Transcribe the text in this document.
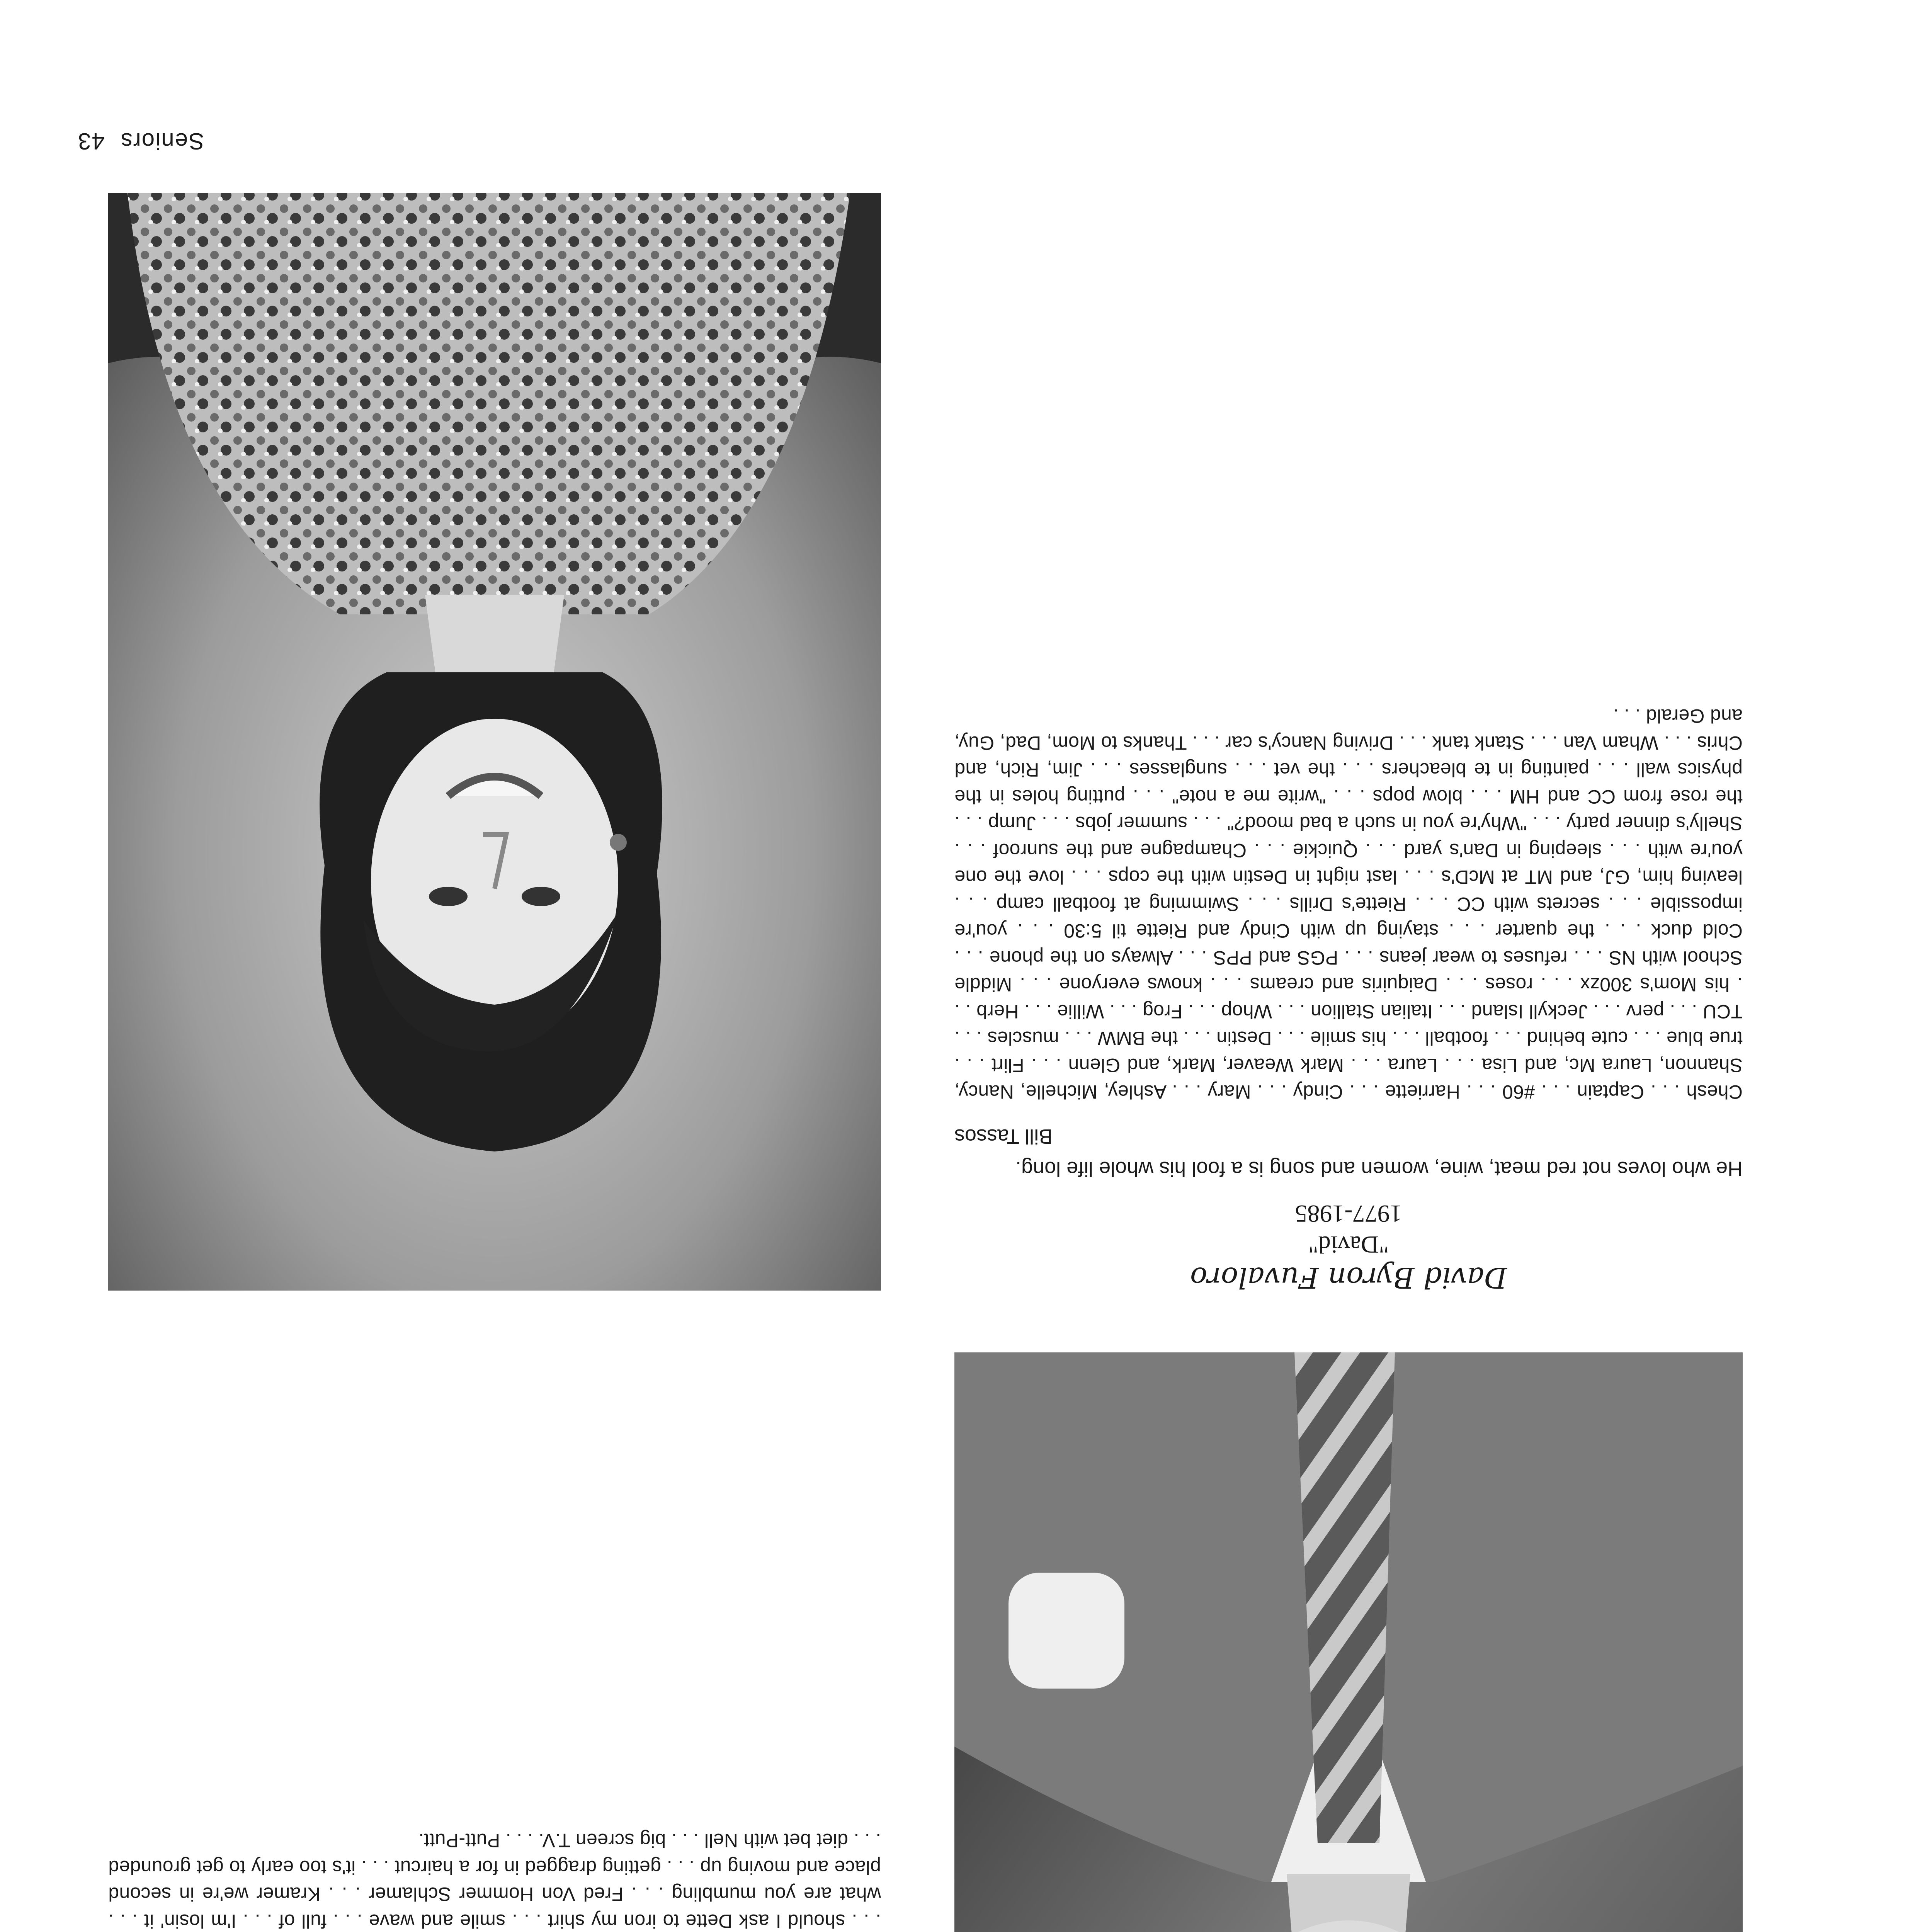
. . . should I ask Dette to iron my shirt . . . smile and wave . . . full of . . . I'm losin' it . . . what are you mumbling . . . Fred Von Hommer Schlamer . . . Kramer we're in second place and moving up . . . getting dragged in for a haircut . . . it's too early to get grounded . . . diet bet with Nell . . . big screen T.V. . . . Putt-Putt.

David Byron Fuvaloro

"David"

1977-1985

He who loves not red meat, wine, women and song is a fool his whole life long.

Bill Tassos

Chesh . . . Captain . . . #60 . . . Harriette . . . Cindy . . . Mary . . . Ashley, Michelle, Nancy, Shannon, Laura Mc, and Lisa . . . Laura . . . Mark Weaver, Mark, and Glenn . . . Flirt . . . true blue . . . cute behind . . . football . . . his smile . . . Destin . . . the BMW . . . muscles . . . TCU . . . perv . . . Jeckyll Island . . . Italian Stallion . . . Whop . . . Frog . . . Willie . . . Herb . . . his Mom's 300zx . . . roses . . . Daiquiris and creams . . . knows everyone . . . Middle School with NS . . . refuses to wear jeans . . . PGS and PPS . . . Always on the phone . . . Cold duck . . . the quarter . . . staying up with Cindy and Riette til 5:30 . . . you're impossible . . . secrets with CC . . . Riette's Drills . . . Swimming at football camp . . . leaving him, GJ, and MT at McD's . . . last night in Destin with the cops . . . love the one you're with . . . sleeping in Dan's yard . . . Quickie . . . Champagne and the sunroof . . . Shelly's dinner party . . . "Why're you in such a bad mood?" . . . summer jobs . . . Jump . . . the rose from CC and HM . . . blow pops . . . "write me a note" . . . putting holes in the physics wall . . . painting in te bleachers . . . the vet . . . sunglasses . . . Jim, Rich, and Chris . . . Wham Van . . . Stank tank . . . Driving Nancy's car . . . Thanks to Mom, Dad, Guy, and Gerald . . .

Seniors43
